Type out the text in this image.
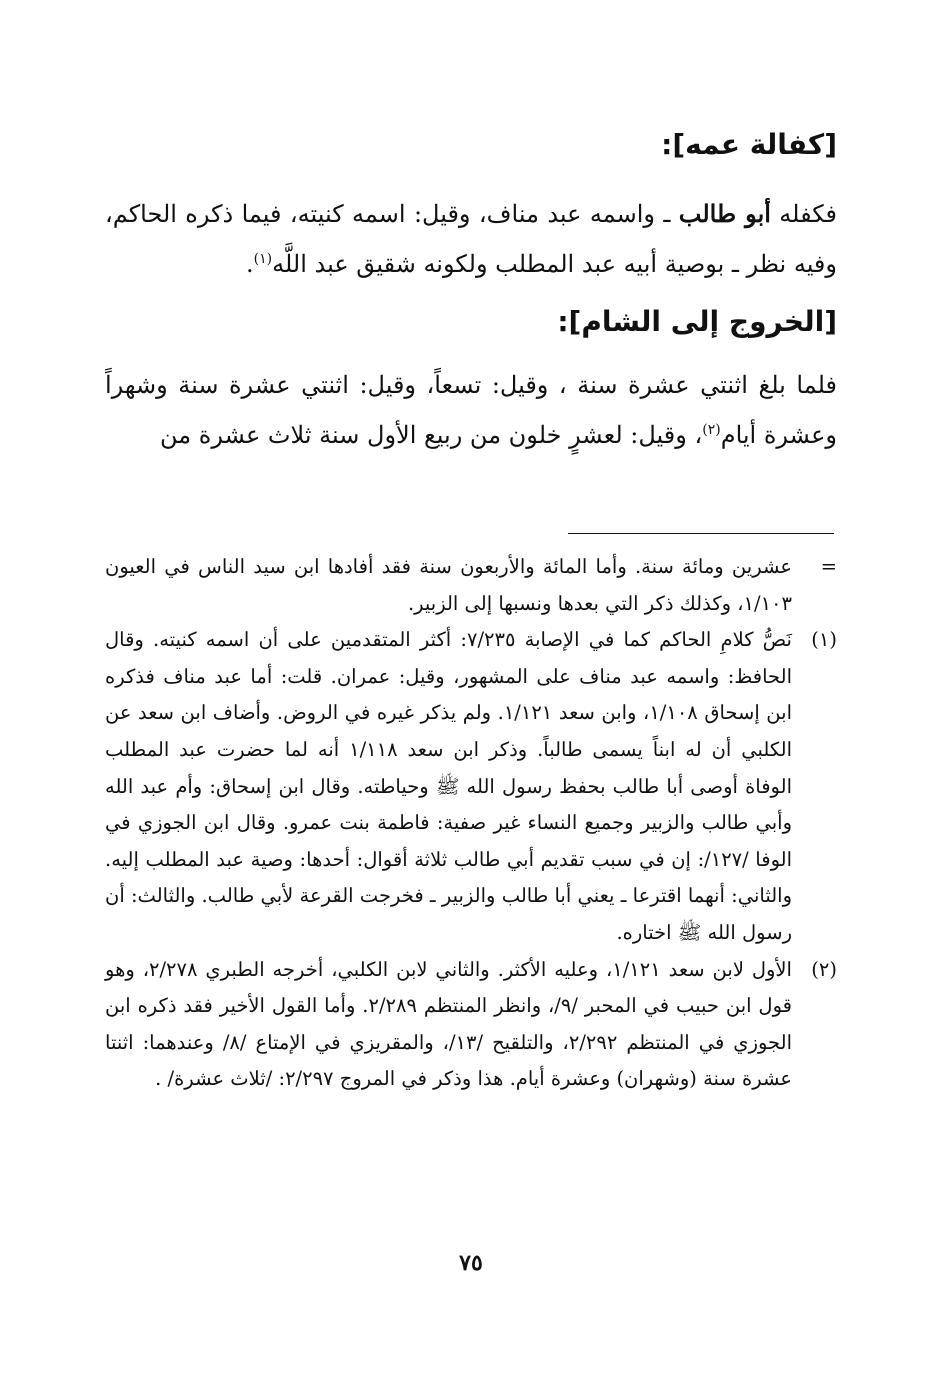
[كفالة عمه]:

فكفله أبو طالب ـ واسمه عبد مناف، وقيل: اسمه كنيته، فيما ذكره الحاكم، وفيه نظر ـ بوصية أبيه عبد المطلب ولكونه شقيق عبد اللَّه$^{(١)}$.

[الخروج إلى الشام]:

فلما بلغ اثنتي عشرة سنة ، وقيل: تسعاً، وقيل: اثنتي عشرة سنة وشهراً وعشرة أيام$^{(٢)}$، وقيل: لعشرٍ خلون من ربيع الأول سنة ثلاث عشرة من

=
عشرين ومائة سنة. وأما المائة والأربعون سنة فقد أفادها ابن سيد الناس في العيون ١/١٠٣، وكذلك ذكر التي بعدها ونسبها إلى الزبير.
(١)
نَصُّ كلامِ الحاكم كما في الإصابة ٧/٢٣٥: أكثر المتقدمين على أن اسمه كنيته. وقال الحافظ: واسمه عبد مناف على المشهور، وقيل: عمران. قلت: أما عبد مناف فذكره ابن إسحاق ١/١٠٨، وابن سعد ١/١٢١. ولم يذكر غيره في الروض. وأضاف ابن سعد عن الكلبي أن له ابناً يسمى طالباً. وذكر ابن سعد ١/١١٨ أنه لما حضرت عبد المطلب الوفاة أوصى أبا طالب بحفظ رسول الله ﷺ وحياطته. وقال ابن إسحاق: وأم عبد الله وأبي طالب والزبير وجميع النساء غير صفية: فاطمة بنت عمرو. وقال ابن الجوزي في الوفا /١٢٧/: إن في سبب تقديم أبي طالب ثلاثة أقوال: أحدها: وصية عبد المطلب إليه. والثاني: أنهما اقترعا ـ يعني أبا طالب والزبير ـ فخرجت القرعة لأبي طالب. والثالث: أن رسول الله ﷺ اختاره.
(٢)
الأول لابن سعد ١/١٢١، وعليه الأكثر. والثاني لابن الكلبي، أخرجه الطبري ٢/٢٧٨، وهو قول ابن حبيب في المحبر /٩/، وانظر المنتظم ٢/٢٨٩. وأما القول الأخير فقد ذكره ابن الجوزي في المنتظم ٢/٢٩٢، والتلقيح /١٣/، والمقريزي في الإمتاع /٨/ وعندهما: اثنتا عشرة سنة (وشهران) وعشرة أيام. هذا وذكر في المروج ٢/٢٩٧: /ثلاث عشرة/ .
٧٥
